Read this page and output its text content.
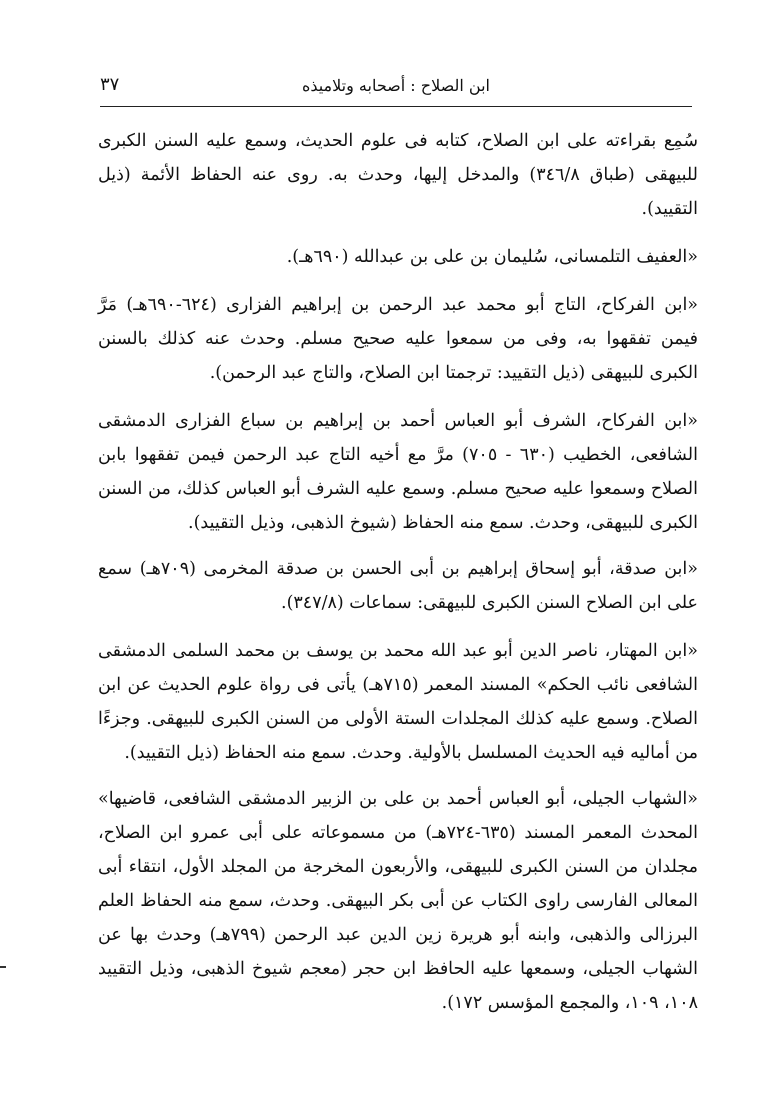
ابن الصلاح : أصحابه وتلاميذه
٣٧

سُمِع بقراءته على ابن الصلاح، كتابه فى علوم الحديث، وسمع عليه السنن الكبرى للبيهقى (طباق ٣٤٦/٨) والمدخل إليها، وحدث به. روى عنه الحفاظ الأئمة (ذيل التقييد).

«العفيف التلمسانى، سُليمان بن على بن عبدالله (٦٩٠هـ).

«ابن الفركاح، التاج أبو محمد عبد الرحمن بن إبراهيم الفزارى (٦٢٤-٦٩٠هـ) مَرَّ فيمن تفقهوا به، وفى من سمعوا عليه صحيح مسلم. وحدث عنه كذلك بالسنن الكبرى للبيهقى (ذيل التقييد: ترجمتا ابن الصلاح، والتاج عبد الرحمن).

«ابن الفركاح، الشرف أبو العباس أحمد بن إبراهيم بن سباع الفزارى الدمشقى الشافعى، الخطيب (٦٣٠ - ٧٠٥) مرَّ مع أخيه التاج عبد الرحمن فيمن تفقهوا بابن الصلاح وسمعوا عليه صحيح مسلم. وسمع عليه الشرف أبو العباس كذلك، من السنن الكبرى للبيهقى، وحدث. سمع منه الحفاظ (شيوخ الذهبى، وذيل التقييد).

«ابن صدقة، أبو إسحاق إبراهيم بن أبى الحسن بن صدقة المخرمى (٧٠٩هـ) سمع على ابن الصلاح السنن الكبرى للبيهقى: سماعات (٣٤٧/٨).

«ابن المهتار، ناصر الدين أبو عبد الله محمد بن يوسف بن محمد السلمى الدمشقى الشافعى نائب الحكم» المسند المعمر (٧١٥هـ) يأتى فى رواة علوم الحديث عن ابن الصلاح. وسمع عليه كذلك المجلدات الستة الأولى من السنن الكبرى للبيهقى. وجزءًا من أماليه فيه الحديث المسلسل بالأولية. وحدث. سمع منه الحفاظ (ذيل التقييد).

«الشهاب الجيلى، أبو العباس أحمد بن على بن الزبير الدمشقى الشافعى، قاضيها» المحدث المعمر المسند (٦٣٥-٧٢٤هـ) من مسموعاته على أبى عمرو ابن الصلاح، مجلدان من السنن الكبرى للبيهقى، والأربعون المخرجة من المجلد الأول، انتقاء أبى المعالى الفارسى راوى الكتاب عن أبى بكر البيهقى. وحدث، سمع منه الحفاظ العلم البرزالى والذهبى، وابنه أبو هريرة زين الدين عبد الرحمن (٧٩٩هـ) وحدث بها عن الشهاب الجيلى، وسمعها عليه الحافظ ابن حجر (معجم شيوخ الذهبى، وذيل التقييد ١٠٨، ١٠٩، والمجمع المؤسس ١٧٢).
